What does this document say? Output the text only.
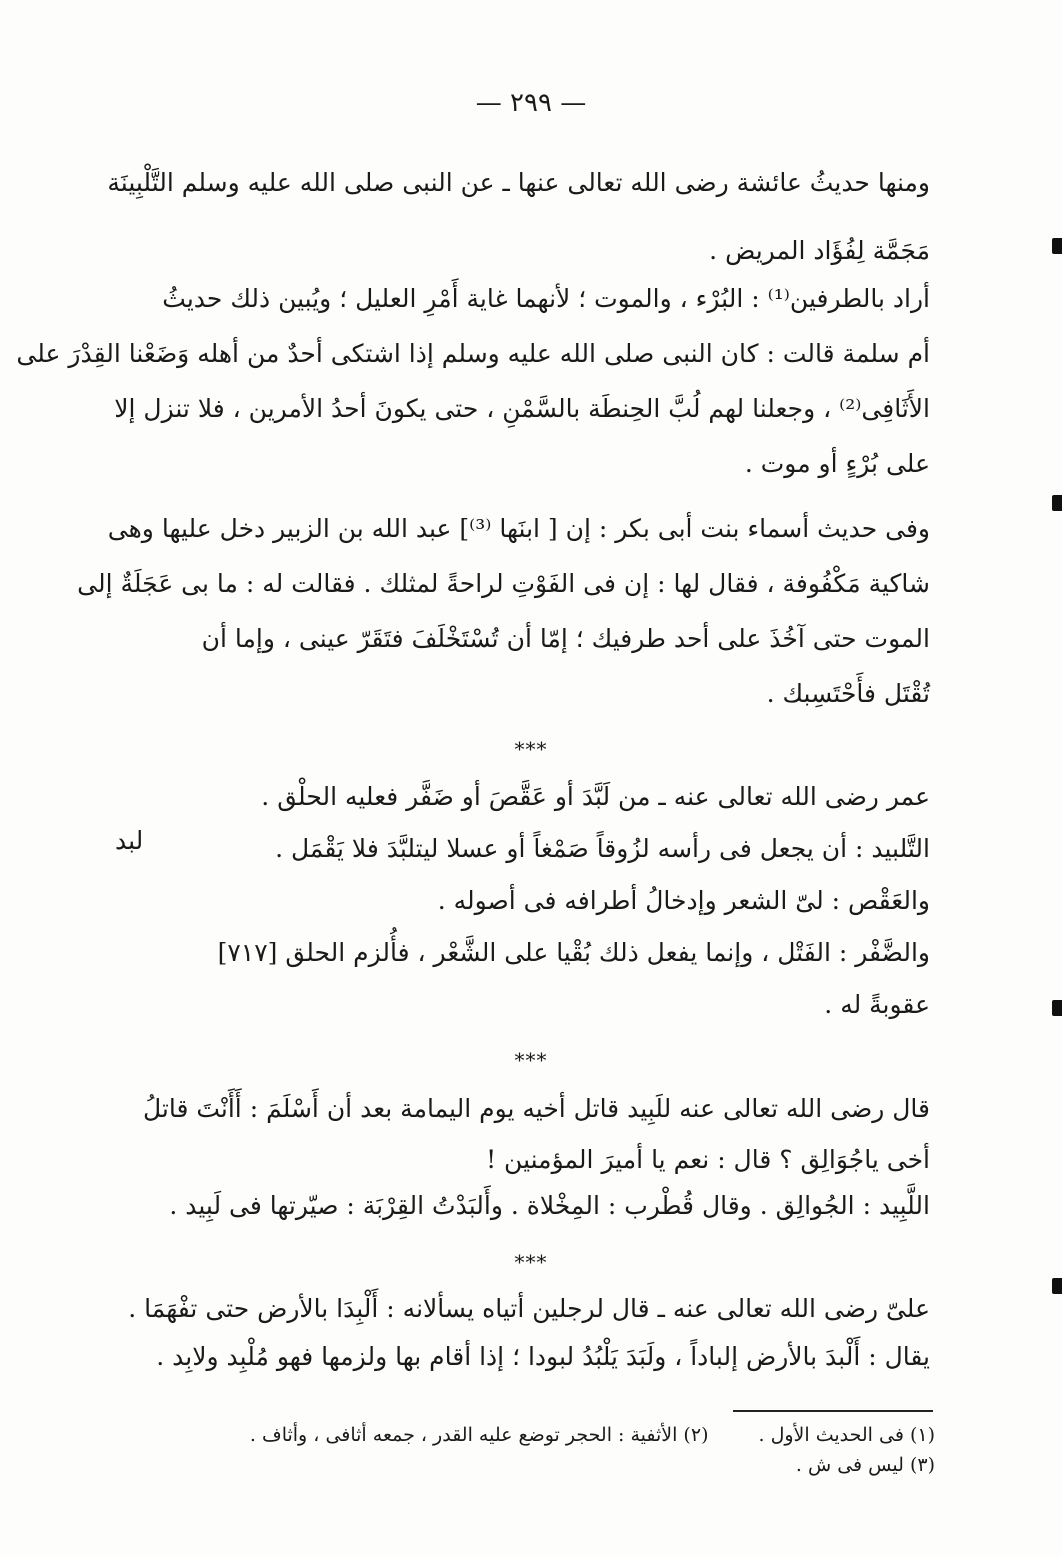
— ٢٩٩ —
ومنها حديثُ عائشة رضى الله تعالى عنها ـ عن النبى صلى الله عليه وسلم التَّلْبِينَة
مَجَمَّة لِفُؤَاد المريض .
أراد بالطرفين⁽¹⁾ : البُرْء ، والموت ؛ لأنهما غاية أَمْرِ العليل ؛ ويُبين ذلك حديثُ
أم سلمة قالت : كان النبى صلى الله عليه وسلم إذا اشتكى أحدٌ من أهله وَضَعْنا القِدْرَ على
الأَثَافِى⁽²⁾ ، وجعلنا لهم لُبَّ الحِنطَة بالسَّمْنِ ، حتى يكونَ أحدُ الأمرين ، فلا تنزل إلا
على بُرْءٍ أو موت .
وفى حديث أسماء بنت أبى بكر : إن [ ابنَها ⁽³⁾] عبد الله بن الزبير دخل عليها وهى
شاكية مَكْفُوفة ، فقال لها : إن فى الفَوْتِ لراحةً لمثلك . فقالت له : ما بى عَجَلَةٌ إلى
الموت حتى آخُذَ على أحد طرفيك ؛ إمّا أن تُسْتَخْلَفَ فتَقَرّ عينى ، وإما أن
تُقْتَل فأَحْتَسِبك .
***
عمر رضى الله تعالى عنه ـ من لَبَّدَ أو عَقَّصَ أو ضَفَّر فعليه الحلْق .
التَّلبيد : أن يجعل فى رأسه لزُوقاً صَمْغاً أو عسلا ليتلبَّدَ فلا يَقْمَل .
والعَقْص : لىّ الشعر وإدخالُ أطرافه فى أصوله .
والضَّفْر : الفَتْل ، وإنما يفعل ذلك بُقْيا على الشَّعْر ، فأُلزم الحلق [٧١٧]
عقوبةً له .
لبد
***
قال رضى الله تعالى عنه للَبِيد قاتل أخيه يوم اليمامة بعد أن أَسْلَمَ : أَأَنْتَ قاتلُ
أخى ياجُوَالِق ؟ قال : نعم يا أميرَ المؤمنين !
اللَّبِيد : الجُوالِق . وقال قُطْرب : المِخْلاة . وأَلبَدْتُ القِرْبَة : صيّرتها فى لَبِيد .
***
علىّ رضى الله تعالى عنه ـ قال لرجلين أتياه يسألانه : أَلْبِدَا بالأرض حتى تفْهَمَا .
يقال : أَلْبدَ بالأرض إلباداً ، ولَبَدَ يَلْبُدُ لبودا ؛ إذا أقام بها ولزمها فهو مُلْبِد ولابِد .
(١) فى الحديث الأول .(٢) الأثفية : الحجر توضع عليه القدر ، جمعه أثافى ، وأثاف .
(٣) ليس فى ش .
